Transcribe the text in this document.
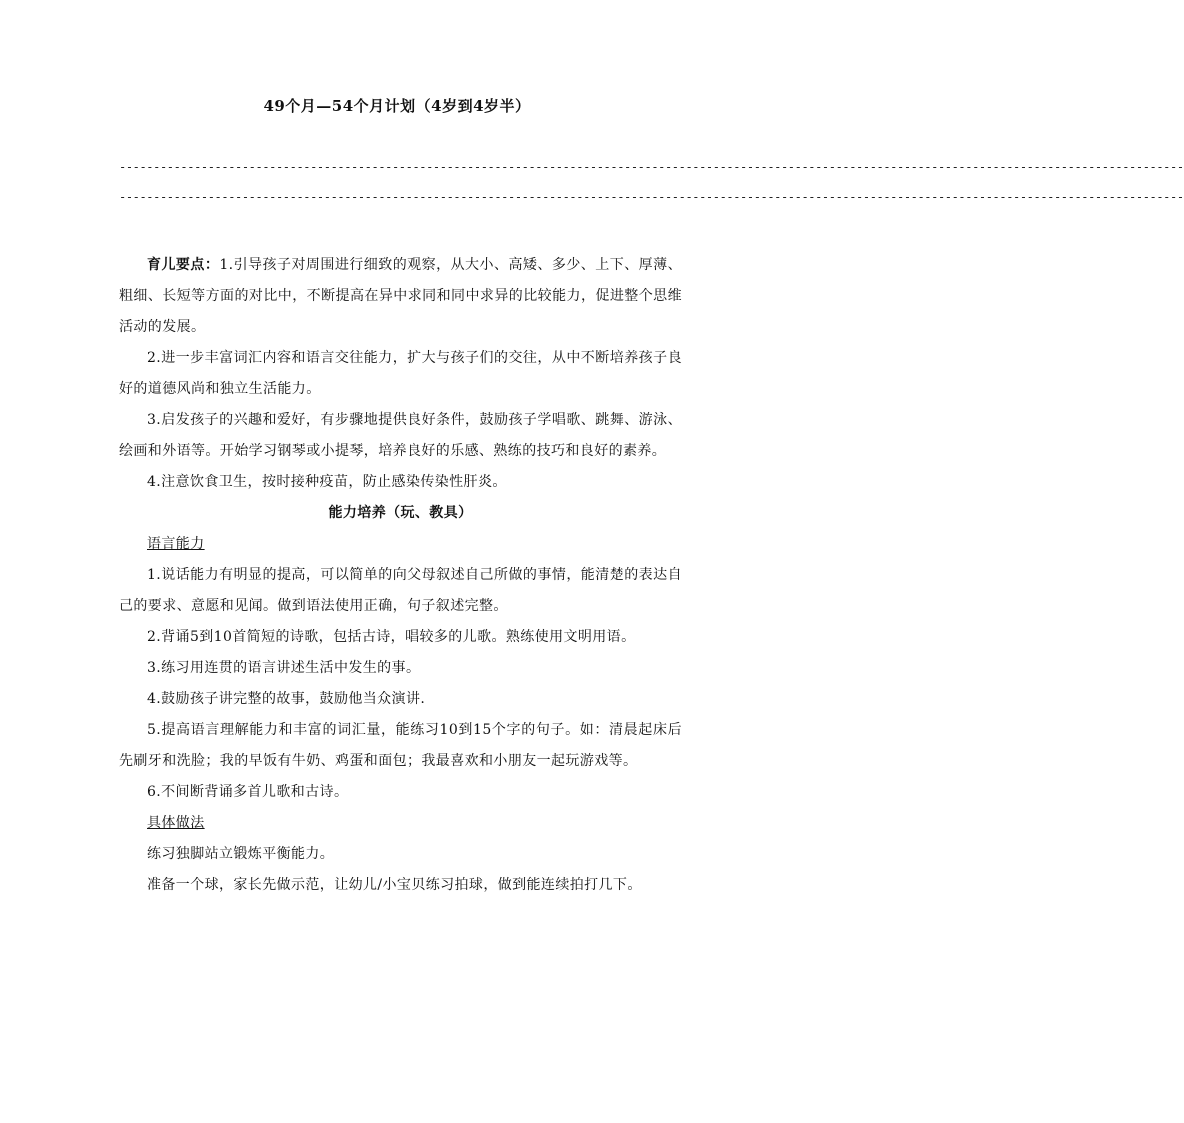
49个月—54个月计划（4岁到4岁半）
------------------------------------------------------------------------------------------------------------------------------------------------------------
------------------------------------------------------------------------------------------------------------------------------------------------------------

育儿要点：1.引导孩子对周围进行细致的观察，从大小、高矮、多少、上下、厚薄、粗细、长短等方面的对比中，不断提高在异中求同和同中求异的比较能力，促进整个思维活动的发展。

2.进一步丰富词汇内容和语言交往能力，扩大与孩子们的交往，从中不断培养孩子良好的道德风尚和独立生活能力。

3.启发孩子的兴趣和爱好，有步骤地提供良好条件，鼓励孩子学唱歌、跳舞、游泳、绘画和外语等。开始学习钢琴或小提琴，培养良好的乐感、熟练的技巧和良好的素养。

4.注意饮食卫生，按时接种疫苗，防止感染传染性肝炎。

能力培养（玩、教具）

语言能力

1.说话能力有明显的提高，可以简单的向父母叙述自己所做的事情，能清楚的表达自己的要求、意愿和见闻。做到语法使用正确，句子叙述完整。

2.背诵5到10首简短的诗歌，包括古诗，唱较多的儿歌。熟练使用文明用语。

3.练习用连贯的语言讲述生活中发生的事。

4.鼓励孩子讲完整的故事，鼓励他当众演讲.

5.提高语言理解能力和丰富的词汇量，能练习10到15个字的句子。如：清晨起床后先刷牙和洗脸；我的早饭有牛奶、鸡蛋和面包；我最喜欢和小朋友一起玩游戏等。

6.不间断背诵多首儿歌和古诗。

具体做法

练习独脚站立锻炼平衡能力。

准备一个球，家长先做示范，让幼儿/小宝贝练习拍球，做到能连续拍打几下。
